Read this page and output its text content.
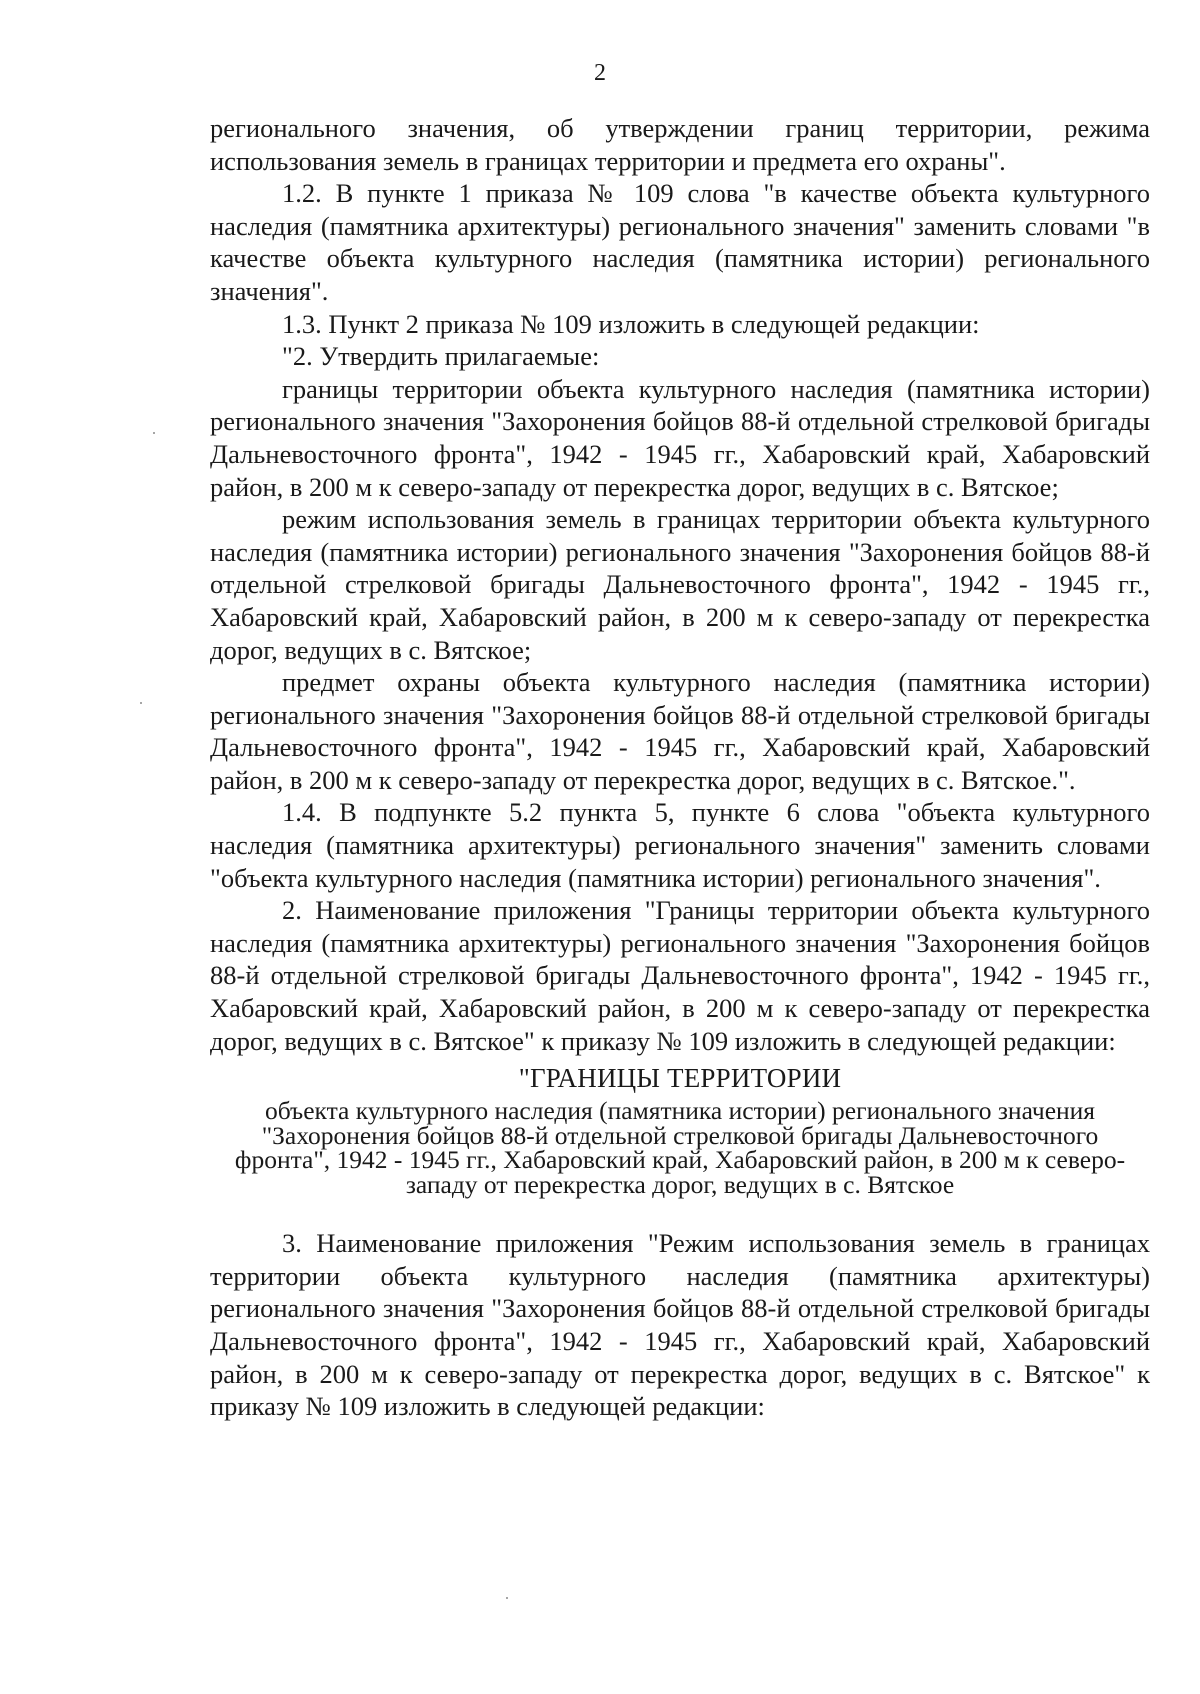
2

регионального значения, об утверждении границ территории, режима использования земель в границах территории и предмета его охраны".

1.2. В пункте 1 приказа № 109 слова "в качестве объекта культурного наследия (памятника архитектуры) регионального значения" заменить словами "в качестве объекта культурного наследия (памятника истории) регионального значения".

1.3. Пункт 2 приказа № 109 изложить в следующей редакции:

"2. Утвердить прилагаемые:

границы территории объекта культурного наследия (памятника истории) регионального значения "Захоронения бойцов 88-й отдельной стрелковой бригады Дальневосточного фронта", 1942 - 1945 гг., Хабаровский край, Хабаровский район, в 200 м к северо-западу от перекрестка дорог, ведущих в с. Вятское;

режим использования земель в границах территории объекта культурного наследия (памятника истории) регионального значения "Захоронения бойцов 88-й отдельной стрелковой бригады Дальневосточного фронта", 1942 - 1945 гг., Хабаровский край, Хабаровский район, в 200 м к северо-западу от перекрестка дорог, ведущих в с. Вятское;

предмет охраны объекта культурного наследия (памятника истории) регионального значения "Захоронения бойцов 88-й отдельной стрелковой бригады Дальневосточного фронта", 1942 - 1945 гг., Хабаровский край, Хабаровский район, в 200 м к северо-западу от перекрестка дорог, ведущих в с. Вятское.".

1.4. В подпункте 5.2 пункта 5, пункте 6 слова "объекта культурного наследия (памятника архитектуры) регионального значения" заменить словами "объекта культурного наследия (памятника истории) регионального значения".

2. Наименование приложения "Границы территории объекта культурного наследия (памятника архитектуры) регионального значения "Захоронения бойцов 88-й отдельной стрелковой бригады Дальневосточного фронта", 1942 - 1945 гг., Хабаровский край, Хабаровский район, в 200 м к северо-западу от перекрестка дорог, ведущих в с. Вятское" к приказу № 109 изложить в следующей редакции:

"ГРАНИЦЫ ТЕРРИТОРИИ
объекта культурного наследия (памятника истории) регионального значения "Захоронения бойцов 88-й отдельной стрелковой бригады Дальневосточного фронта", 1942 - 1945 гг., Хабаровский край, Хабаровский район, в 200 м к северо-западу от перекрестка дорог, ведущих в с. Вятское

3. Наименование приложения "Режим использования земель в границах территории объекта культурного наследия (памятника архитектуры) регионального значения "Захоронения бойцов 88-й отдельной стрелковой бригады Дальневосточного фронта", 1942 - 1945 гг., Хабаровский край, Хабаровский район, в 200 м к северо-западу от перекрестка дорог, ведущих в с. Вятское" к приказу № 109 изложить в следующей редакции:
